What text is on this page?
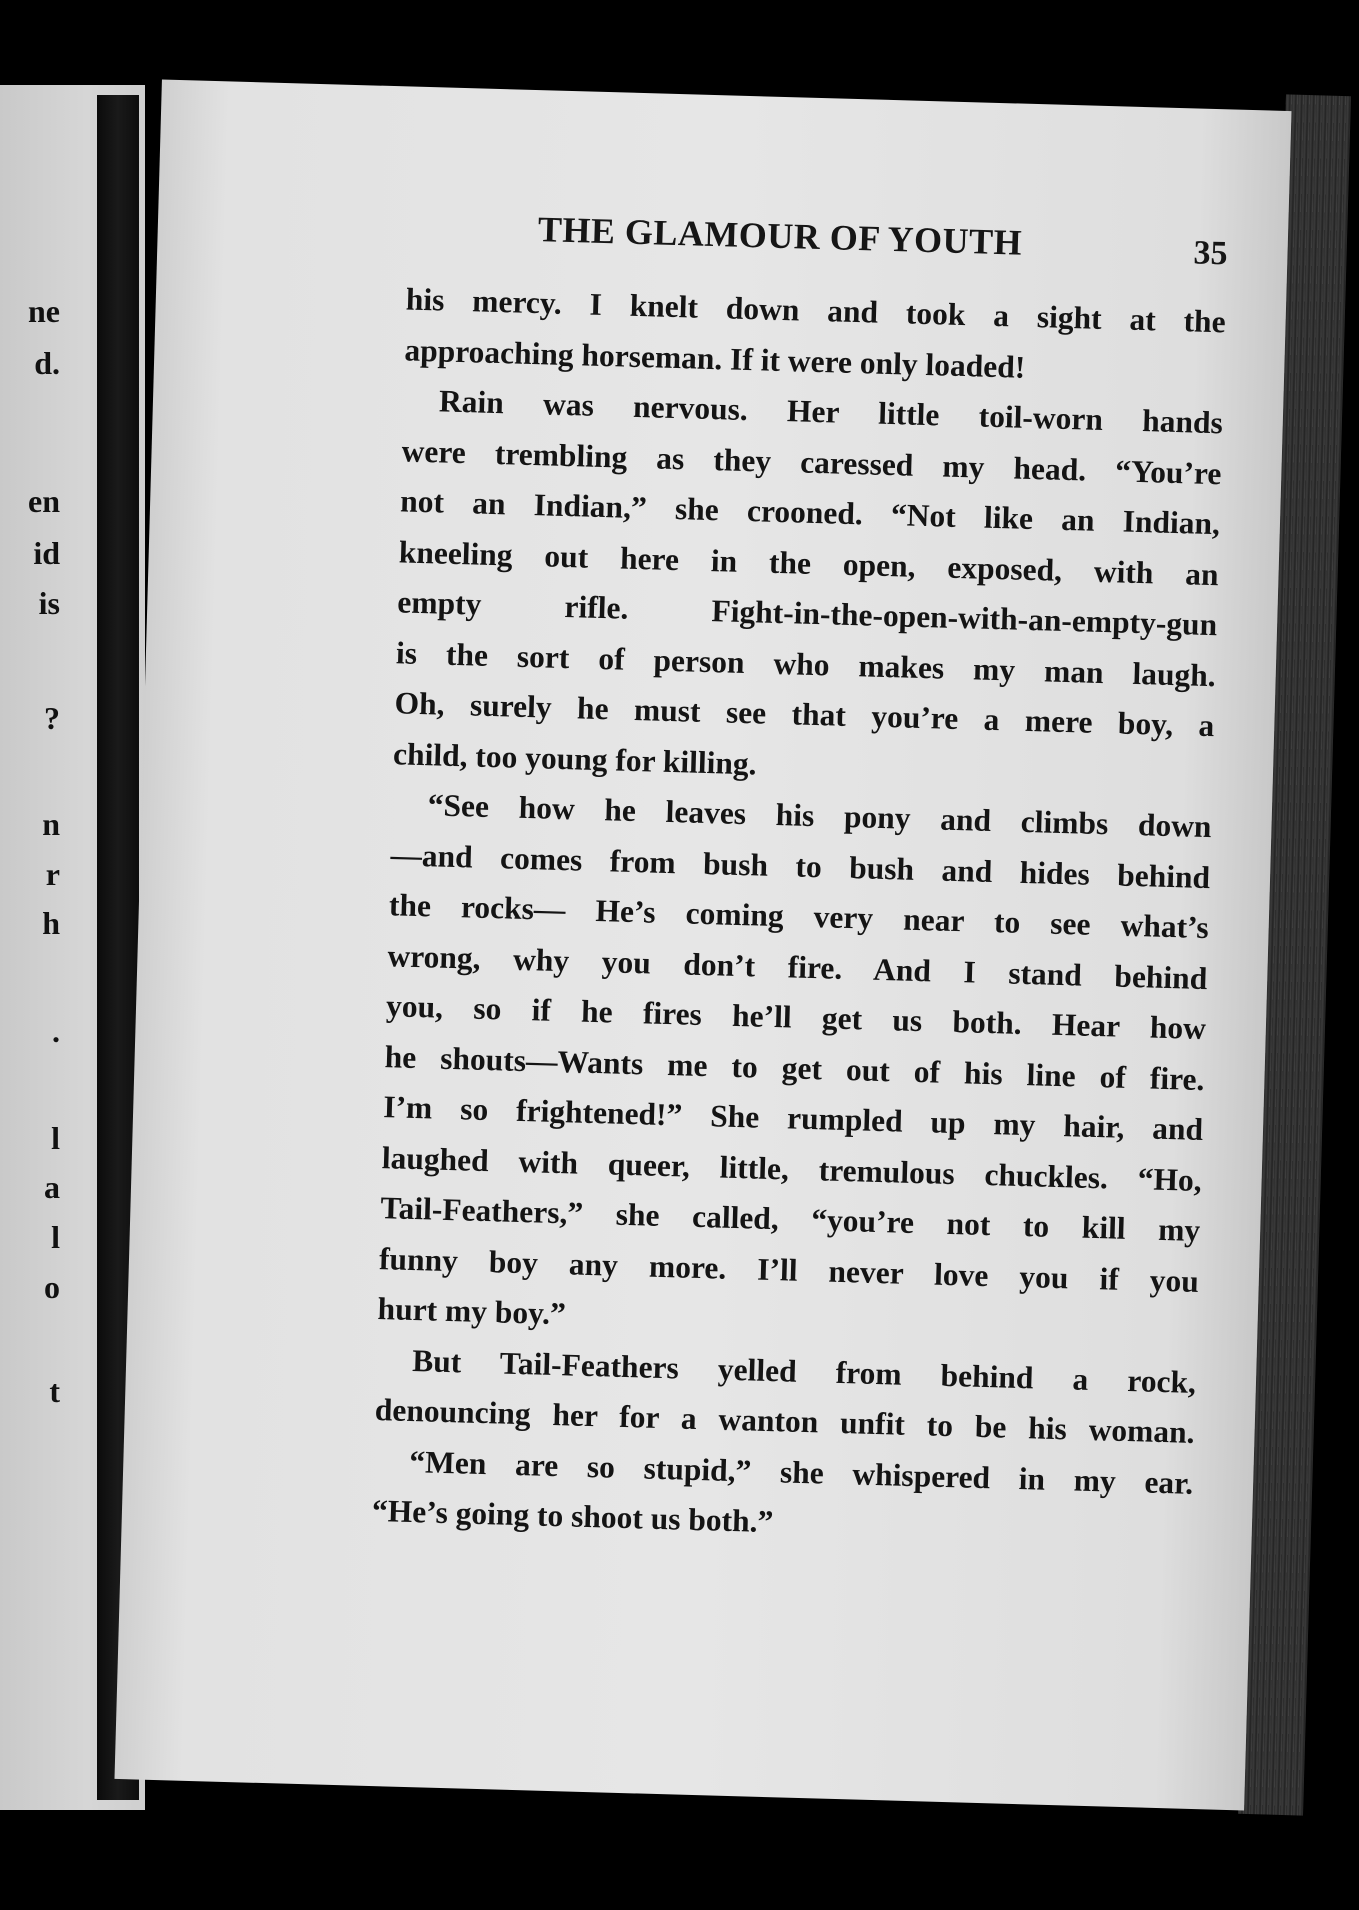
ne
d.
en
id
is
?
n
r
h
.
l
a
l
o
t
THE GLAMOUR OF YOUTH	35
his mercy. I knelt down and took a sight at the
approaching horseman. If it were only loaded!
Rain was nervous. Her little toil-worn hands
were trembling as they caressed my head. “You’re
not an Indian,” she crooned. “Not like an Indian,
kneeling out here in the open, exposed, with an
empty rifle. Fight-in-the-open-with-an-empty-gun
is the sort of person who makes my man laugh.
Oh, surely he must see that you’re a mere boy, a
child, too young for killing.
“See how he leaves his pony and climbs down
—and comes from bush to bush and hides behind
the rocks— He’s coming very near to see what’s
wrong, why you don’t fire. And I stand behind
you, so if he fires he’ll get us both. Hear how
he shouts—Wants me to get out of his line of fire.
I’m so frightened!” She rumpled up my hair, and
laughed with queer, little, tremulous chuckles. “Ho,
Tail-Feathers,” she called, “you’re not to kill my
funny boy any more. I’ll never love you if you
hurt my boy.”
But Tail-Feathers yelled from behind a rock,
denouncing her for a wanton unfit to be his woman.
“Men are so stupid,” she whispered in my ear.
“He’s going to shoot us both.”
